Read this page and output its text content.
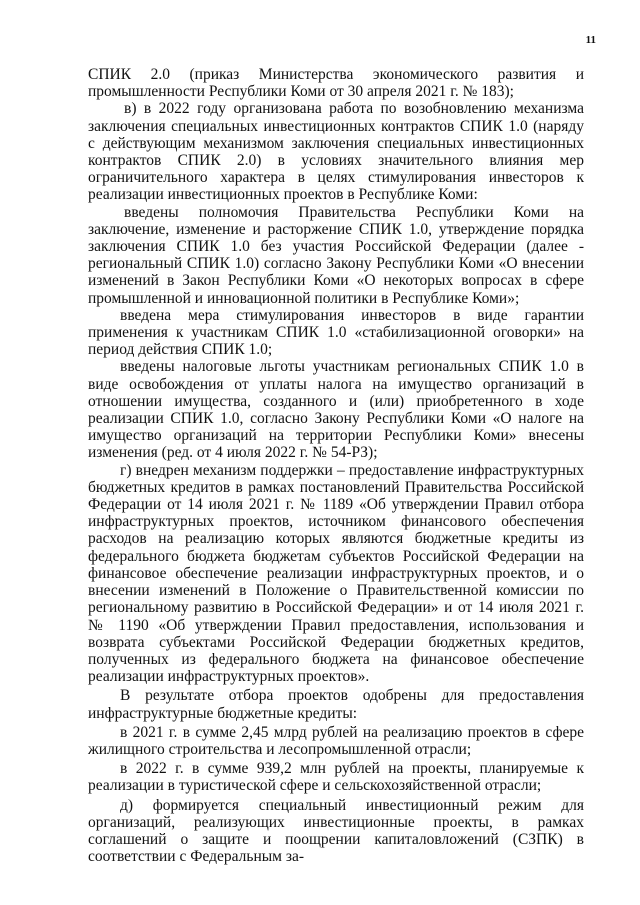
11

СПИК 2.0 (приказ Министерства экономического развития и промышленности Республики Коми от 30 апреля 2021 г. № 183);

в) в 2022 году организована работа по возобновлению механизма заключения специальных инвестиционных контрактов СПИК 1.0 (наряду с действующим механизмом заключения специальных инвестиционных контрактов СПИК 2.0) в условиях значительного влияния мер ограничительного характера в целях стимулирования инвесторов к реализации инвестиционных проектов в Республике Коми:

введены полномочия Правительства Республики Коми на заключение, изменение и расторжение СПИК 1.0, утверждение порядка заключения СПИК 1.0 без участия Российской Федерации (далее - региональный СПИК 1.0) согласно Закону Республики Коми «О внесении изменений в Закон Республики Коми «О некоторых вопросах в сфере промышленной и инновационной политики в Республике Коми»;

введена мера стимулирования инвесторов в виде гарантии применения к участникам СПИК 1.0 «стабилизационной оговорки» на период действия СПИК 1.0;

введены налоговые льготы участникам региональных СПИК 1.0 в виде освобождения от уплаты налога на имущество организаций в отношении имущества, созданного и (или) приобретенного в ходе реализации СПИК 1.0, согласно Закону Республики Коми «О налоге на имущество организаций на территории Республики Коми» внесены изменения (ред. от 4 июля 2022 г. № 54-РЗ);

г) внедрен механизм поддержки – предоставление инфраструктурных бюджетных кредитов в рамках постановлений Правительства Российской Федерации от 14 июля 2021 г. № 1189 «Об утверждении Правил отбора инфраструктурных проектов, источником финансового обеспечения расходов на реализацию которых являются бюджетные кредиты из федерального бюджета бюджетам субъектов Российской Федерации на финансовое обеспечение реализации инфраструктурных проектов, и о внесении изменений в Положение о Правительственной комиссии по региональному развитию в Российской Федерации» и от 14 июля 2021 г. № 1190 «Об утверждении Правил предоставления, использования и возврата субъектами Российской Федерации бюджетных кредитов, полученных из федерального бюджета на финансовое обеспечение реализации инфраструктурных проектов».

В результате отбора проектов одобрены для предоставления инфраструктурные бюджетные кредиты:

в 2021 г. в сумме 2,45 млрд рублей на реализацию проектов в сфере жилищного строительства и лесопромышленной отрасли;

в 2022 г. в сумме 939,2 млн рублей на проекты, планируемые к реализации в туристической сфере и сельскохозяйственной отрасли;

д) формируется специальный инвестиционный режим для организаций, реализующих инвестиционные проекты, в рамках соглашений о защите и поощрении капиталовложений (СЗПК) в соответствии с Федеральным за-
